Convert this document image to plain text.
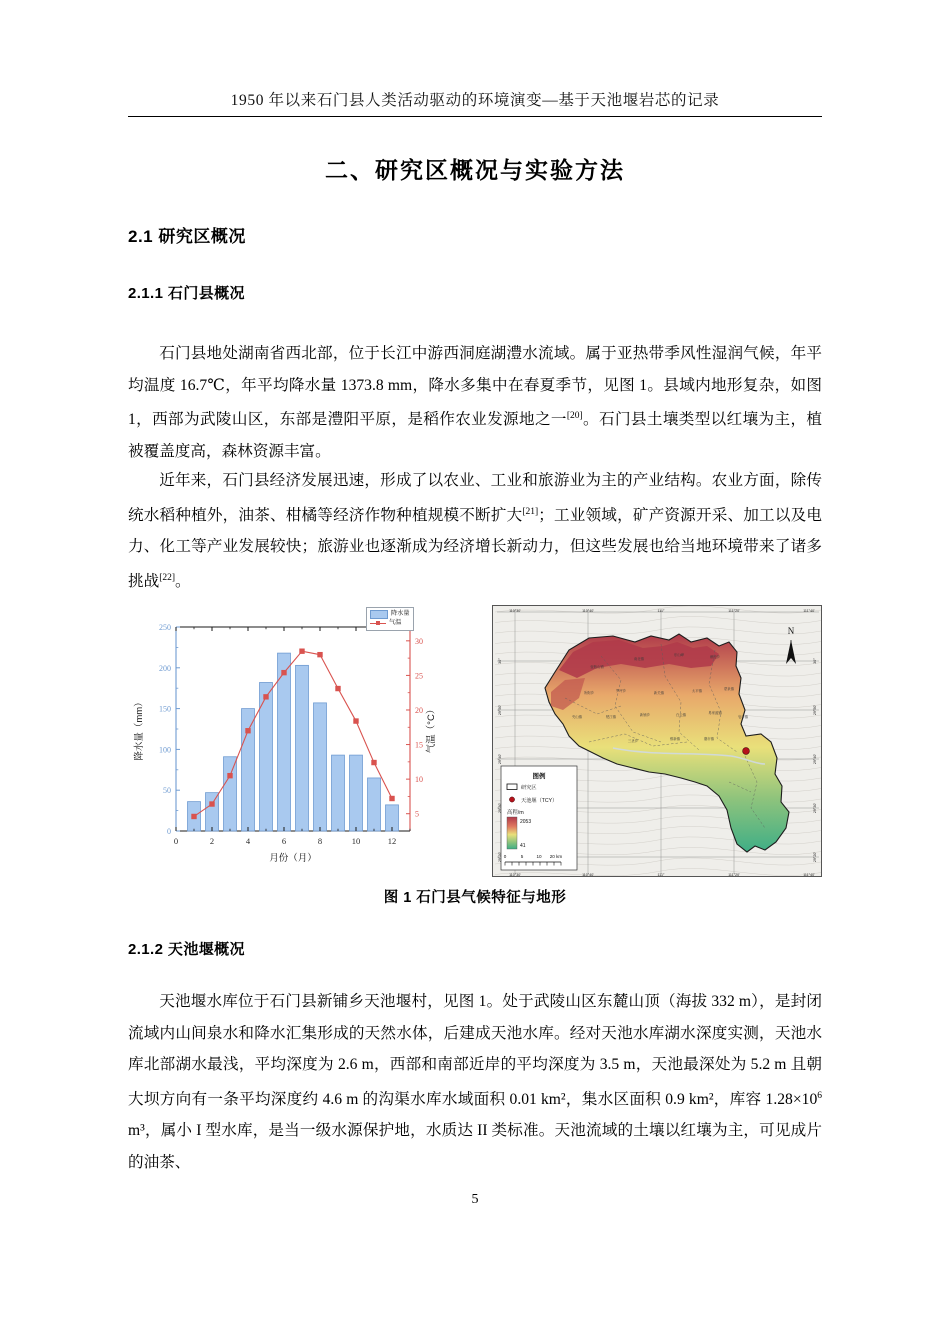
1950 年以来石门县人类活动驱动的环境演变—基于天池堰岩芯的记录
二、研究区概况与实验方法
2.1 研究区概况
2.1.1 石门县概况
石门县地处湖南省西北部，位于长江中游西洞庭湖澧水流域。属于亚热带季风性湿润气候，年平均温度 16.7℃，年平均降水量 1373.8 mm，降水多集中在春夏季节，见图 1。县域内地形复杂，如图 1，西部为武陵山区，东部是澧阳平原，是稻作农业发源地之一[20]。石门县土壤类型以红壤为主，植被覆盖度高，森林资源丰富。
近年来，石门县经济发展迅速，形成了以农业、工业和旅游业为主的产业结构。农业方面，除传统水稻种植外，油茶、柑橘等经济作物种植规模不断扩大[21]；工业领域，矿产资源开采、加工以及电力、化工等产业发展较快；旅游业也逐渐成为经济增长新动力，但这些发展也给当地环境带来了诸多挑战[22]。
降水量
气温
0
50
100
150
200
250
5
10
15
20
25
30
0	2	4	6	8	10	12
月份（月）
降水量（mm）	气温（°C）
壶瓶山镇
南北镇
东山峰	雁池乡
所街乡	罗坪乡	新关镇	太平镇	蒙泉镇
夹山镇	楚江镇	新铺乡	白云镇	易家渡镇
皂市镇
三圣乡	维新镇	磨市镇
N
图例
研究区
天池堰（TCY）
高程/m
2053
41
0	5	10 20 km
110°30'
110°30'
110°40'
110°40'
111°
111°
111°20'
111°20'
111°40'
111°40'
30°	30°
29°50'	29°50'
29°40'	29°40'
29°30'	29°30'
29°20'	29°20'
图 1 石门县气候特征与地形
2.1.2 天池堰概况
天池堰水库位于石门县新铺乡天池堰村，见图 1。处于武陵山区东麓山顶（海拔 332 m），是封闭流域内山间泉水和降水汇集形成的天然水体，后建成天池水库。经对天池水库湖水深度实测，天池水库北部湖水最浅，平均深度为 2.6 m，西部和南部近岸的平均深度为 3.5 m，天池最深处为 5.2 m 且朝大坝方向有一条平均深度约 4.6 m 的沟渠水库水域面积 0.01 km²，集水区面积 0.9 km²，库容 $1.28\times 10^6$ m³，属小 I 型水库，是当一级水源保护地，水质达 II 类标准。天池流域的土壤以红壤为主，可见成片的油茶、
5
